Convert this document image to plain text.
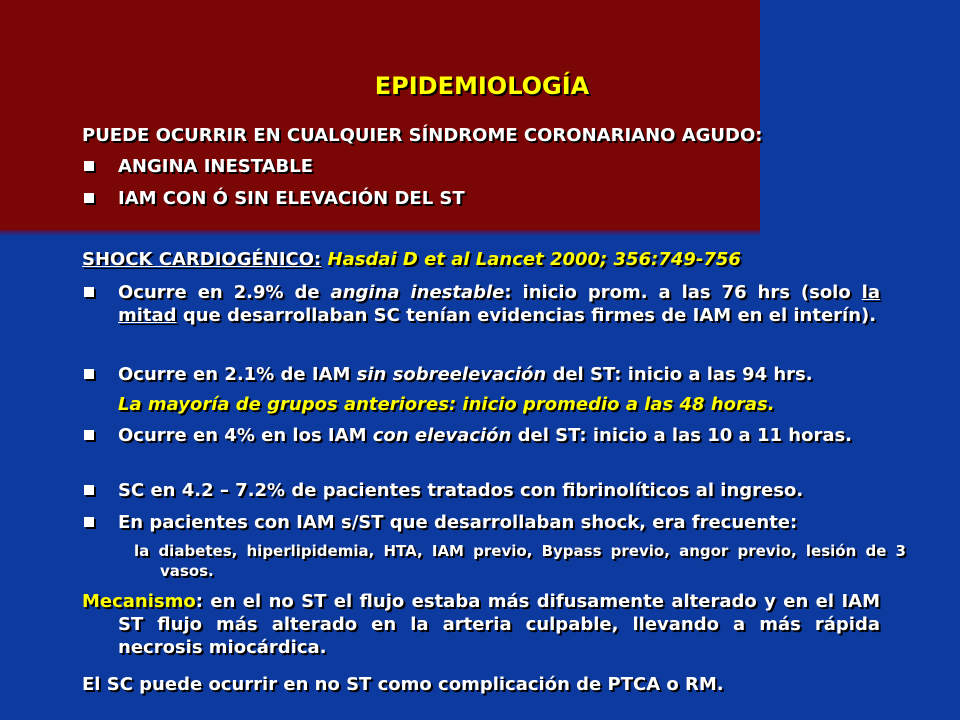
EPIDEMIOLOGÍA
PUEDE OCURRIR EN CUALQUIER SÍNDROME CORONARIANO AGUDO:
ANGINA INESTABLE
IAM CON Ó SIN ELEVACIÓN DEL ST
SHOCK CARDIOGÉNICO: Hasdai D et al Lancet 2000; 356:749-756
Ocurre en 2.9% de angina inestable: inicio prom. a las 76 hrs (solo la mitad que desarrollaban SC tenían evidencias firmes de IAM en el interín).
Ocurre en 2.1% de IAM sin sobreelevación del ST: inicio a las 94 hrs.
La mayoría de grupos anteriores: inicio promedio a las 48 horas.
Ocurre en 4% en los IAM con elevación del ST: inicio a las 10 a 11 horas.
SC en 4.2 – 7.2% de pacientes tratados con fibrinolíticos al ingreso.
En pacientes con IAM s/ST que desarrollaban shock, era frecuente:
la diabetes, hiperlipidemia, HTA, IAM previo, Bypass previo, angor previo, lesión de 3 vasos.
Mecanismo: en el no ST el flujo estaba más difusamente alterado y en el IAM ST flujo más alterado en la arteria culpable, llevando a más rápida necrosis miocárdica.
El SC puede ocurrir en no ST como complicación de PTCA o RM.
